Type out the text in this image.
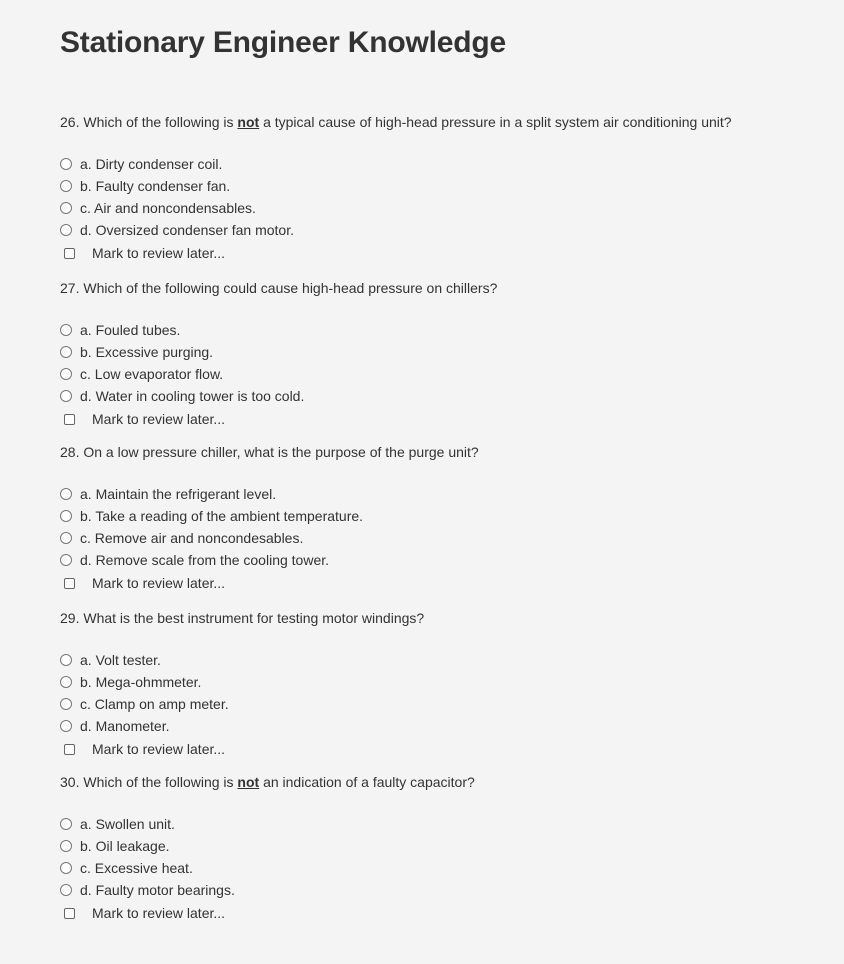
Stationary Engineer Knowledge

26. Which of the following is not a typical cause of high-head pressure in a split system air conditioning unit?

a. Dirty condenser coil.
b. Faulty condenser fan.
c. Air and noncondensables.
d. Oversized condenser fan motor.
Mark to review later...

27. Which of the following could cause high-head pressure on chillers?

a. Fouled tubes.
b. Excessive purging.
c. Low evaporator flow.
d. Water in cooling tower is too cold.
Mark to review later...

28. On a low pressure chiller, what is the purpose of the purge unit?

a. Maintain the refrigerant level.
b. Take a reading of the ambient temperature.
c. Remove air and noncondesables.
d. Remove scale from the cooling tower.
Mark to review later...

29. What is the best instrument for testing motor windings?

a. Volt tester.
b. Mega-ohmmeter.
c. Clamp on amp meter.
d. Manometer.
Mark to review later...

30. Which of the following is not an indication of a faulty capacitor?

a. Swollen unit.
b. Oil leakage.
c. Excessive heat.
d. Faulty motor bearings.
Mark to review later...
